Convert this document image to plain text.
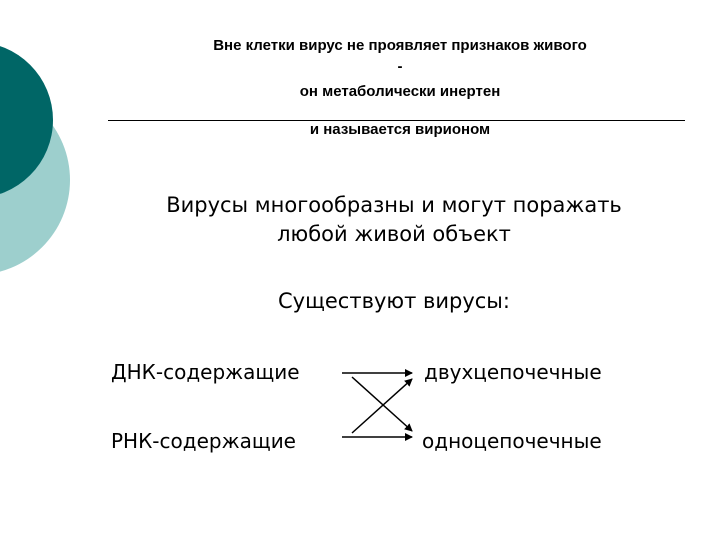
Вне клетки вирус не проявляет признаков живого
-
он метаболически инертен
и называется вирионом
Вирусы многообразны и могут поражать
любой живой объект
Существуют вирусы:
ДНК-содержащие
РНК-содержащие
двухцепочечные
одноцепочечные
